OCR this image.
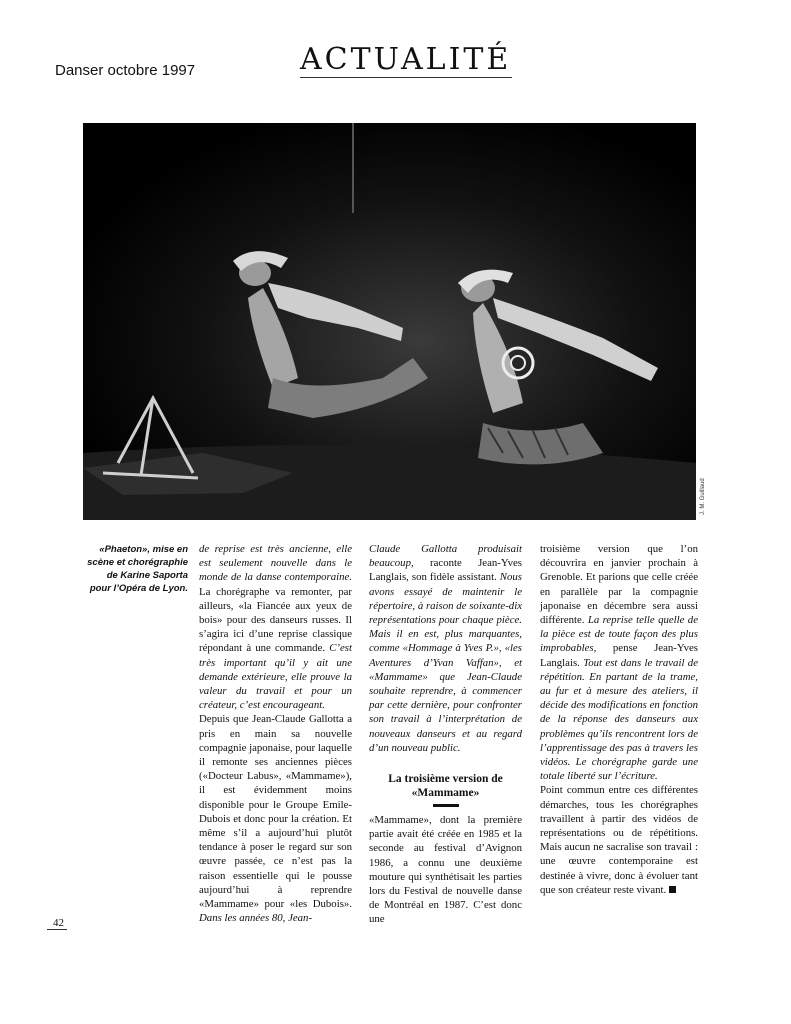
Danser octobre 1997	ACTUALITÉ
J. M. Guillaud
«Phaeton», mise en scène et chorégraphie de Karine Saporta pour l’Opéra de Lyon.

de reprise est très ancienne, elle est seulement nouvelle dans le monde de la danse contemporaine. La chorégraphe va remonter, par ailleurs, «la Fiancée aux yeux de bois» pour des danseurs russes. Il s’agira ici d’une reprise classique répondant à une commande. C’est très important qu’il y ait une demande extérieure, elle prouve la valeur du travail et pour un créateur, c’est encourageant.

Depuis que Jean-Claude Gallotta a pris en main sa nouvelle compagnie japonaise, pour laquelle il remonte ses anciennes pièces («Docteur Labus», «Mammame»), il est évidemment moins disponible pour le Groupe Emile-Dubois et donc pour la création. Et même s’il a aujourd’hui plutôt tendance à poser le regard sur son œuvre passée, ce n’est pas la raison essentielle qui le pousse aujourd’hui à reprendre «Mammame» pour «les Dubois». Dans les années 80, Jean-

Claude Gallotta produisait beaucoup, raconte Jean-Yves Langlais, son fidèle assistant. Nous avons essayé de maintenir le répertoire, à raison de soixante-dix représentations pour chaque pièce. Mais il en est, plus marquantes, comme «Hommage à Yves P.», «les Aventures d’Yvan Vaffan», et «Mammame» que Jean-Claude souhaite reprendre, à commencer par cette dernière, pour confronter son travail à l’interprétation de nouveaux danseurs et au regard d’un nouveau public.

La troisième version de «Mammame»

«Mammame», dont la première partie avait été créée en 1985 et la seconde au festival d’Avignon 1986, a connu une deuxième mouture qui synthétisait les parties lors du Festival de nouvelle danse de Montréal en 1987. C’est donc une

troisième version que l’on découvrira en janvier prochain à Grenoble. Et parions que celle créée en parallèle par la compagnie japonaise en décembre sera aussi différente. La reprise telle quelle de la pièce est de toute façon des plus improbables, pense Jean-Yves Langlais. Tout est dans le travail de répétition. En partant de la trame, au fur et à mesure des ateliers, il décide des modifications en fonction de la réponse des danseurs aux problèmes qu’ils rencontrent lors de l’apprentissage des pas à travers les vidéos. Le chorégraphe garde une totale liberté sur l’écriture.

Point commun entre ces différentes démarches, tous les chorégraphes travaillent à partir des vidéos de représentations ou de répétitions. Mais aucun ne sacralise son travail : une œuvre contemporaine est destinée à vivre, donc à évoluer tant que son créateur reste vivant.

42
